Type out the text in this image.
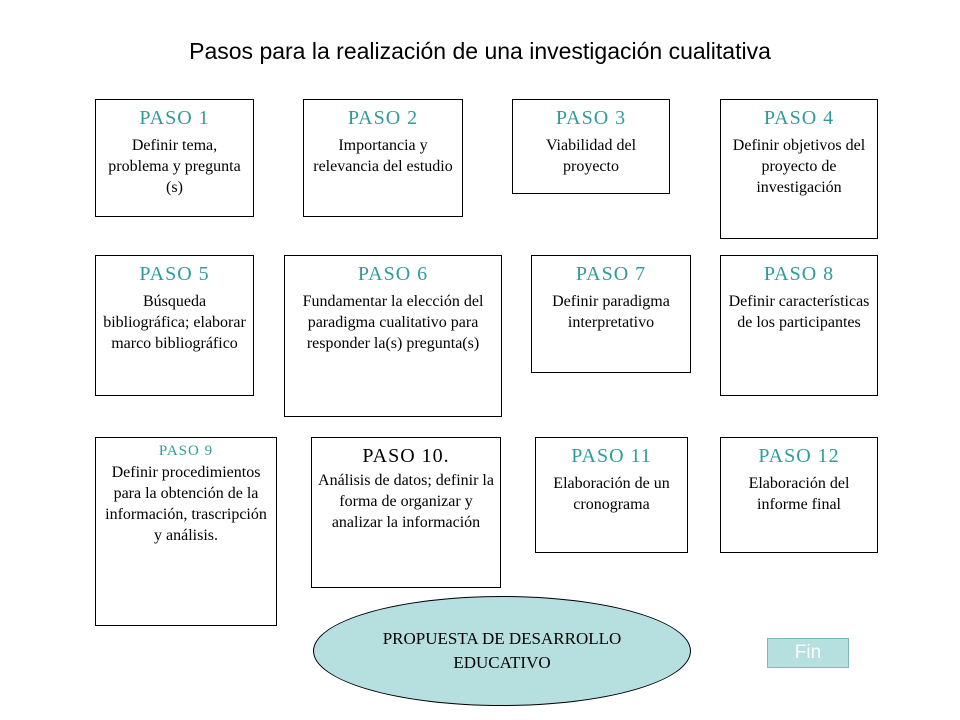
Pasos para la realización de una investigación cualitativa
PASO 1
Definir tema, problema y pregunta (s)
PASO 2
Importancia y relevancia del estudio
PASO 3
Viabilidad del proyecto
PASO 4
Definir objetivos del proyecto de investigación
PASO 5
Búsqueda bibliográfica; elaborar marco bibliográfico
PASO 6
Fundamentar la elección del paradigma cualitativo para responder la(s) pregunta(s)
PASO 7
Definir paradigma interpretativo
PASO 8
Definir características de los participantes
PASO 9
Definir procedimientos para la obtención de la información, trascripción y análisis.
PASO 10.
Análisis de datos; definir la forma de organizar y analizar la información
PASO 11
Elaboración de un cronograma
PASO 12
Elaboración del informe final
PROPUESTA DE DESARROLLO EDUCATIVO	Fin
